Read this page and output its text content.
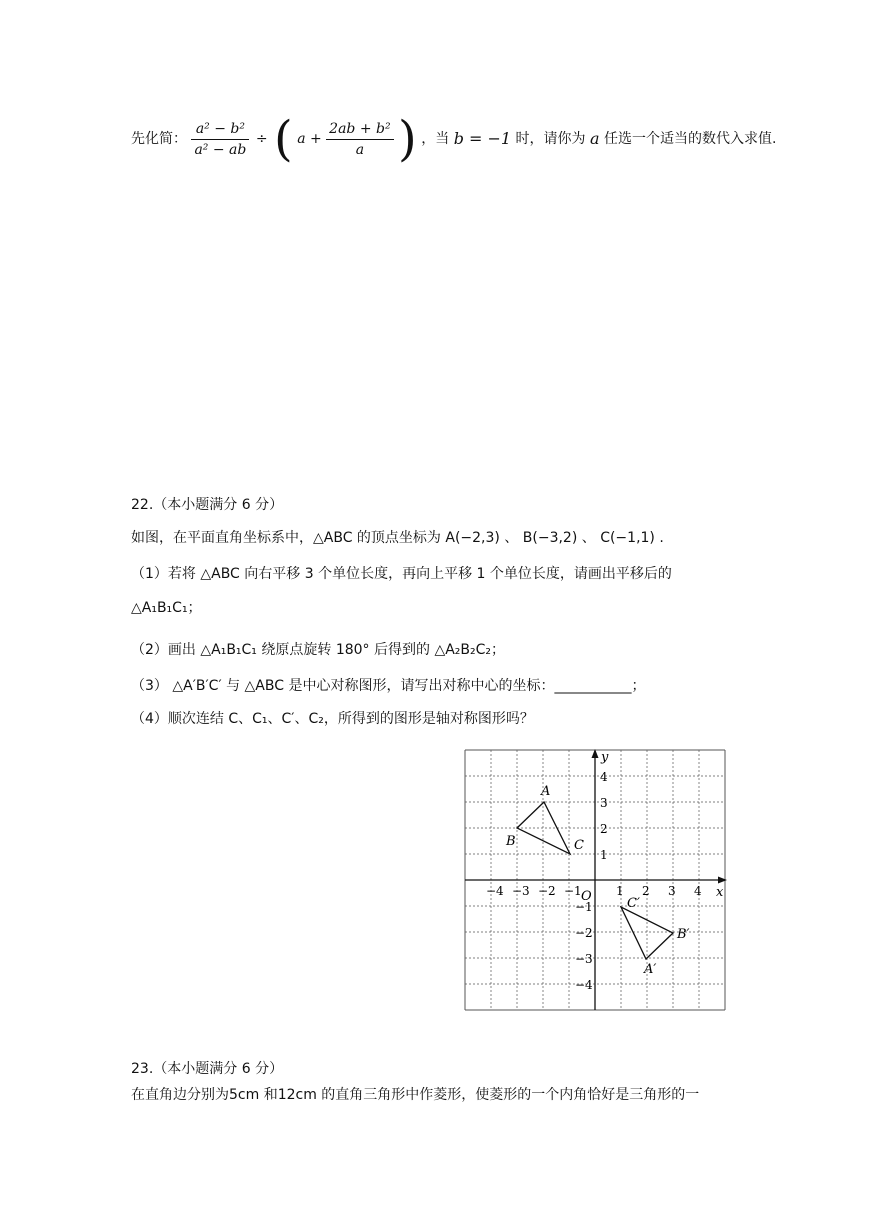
先化简： $\frac{\text{a² − b²}}{\text{a² − ab}}$ ÷ ( $a + \frac{\text{2ab + b²}}{a}$ ) ，当 b = −1 时，请你为 a 任选一个适当的数代入求值.
22.（本小题满分 6 分）
如图，在平面直角坐标系中，△ABC 的顶点坐标为 A(−2,3) 、 B(−3,2) 、 C(−1,1) .
（1）若将 △ABC 向右平移 3 个单位长度，再向上平移 1 个单位长度，请画出平移后的
△A₁B₁C₁；
（2）画出 △A₁B₁C₁ 绕原点旋转 180° 后得到的 △A₂B₂C₂；
（3） △A′B′C′ 与 △ABC 是中心对称图形，请写出对称中心的坐标：___________；
（4）顺次连结 C、C₁、C′、C₂，所得到的图形是轴对称图形吗？
x
y
O
−4 −3 −2 −1	1 2 3 4
4
3
2
1
−1
−2
−3
−4
A
B	C
A′
B′
C′
23.（本小题满分 6 分）
在直角边分别为5cm 和12cm 的直角三角形中作菱形，使菱形的一个内角恰好是三角形的一
